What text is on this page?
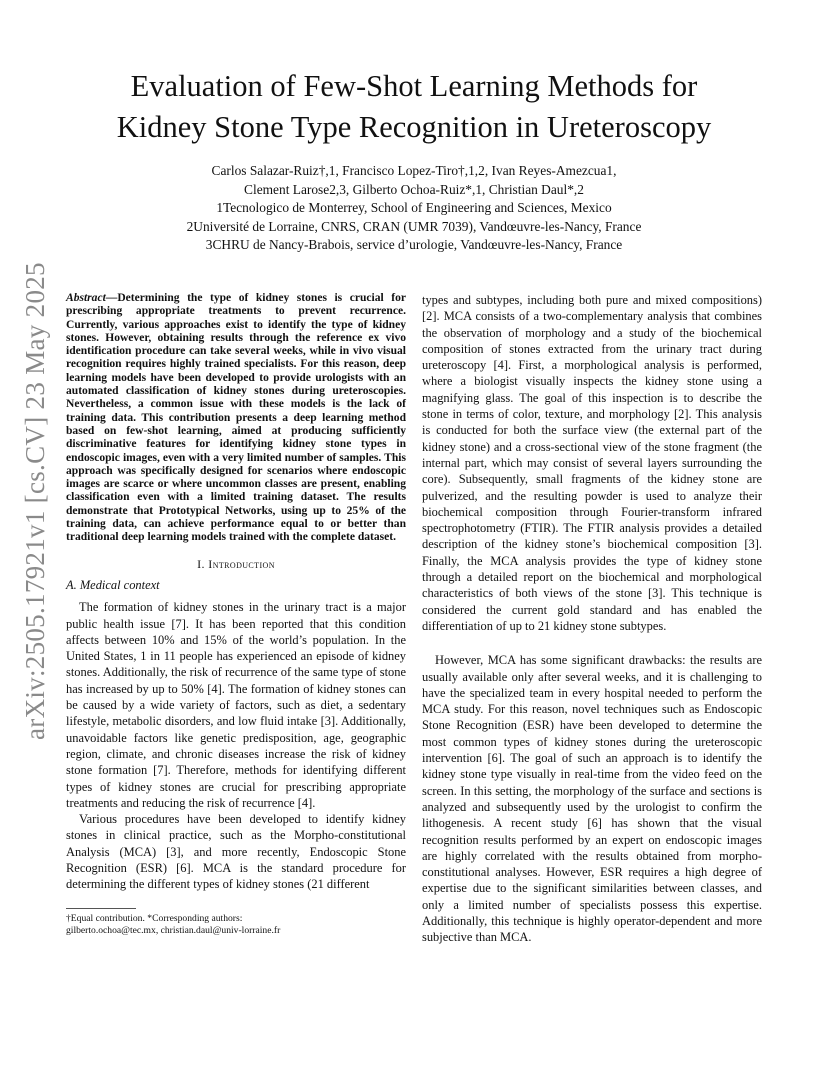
arXiv:2505.17921v1 [cs.CV] 23 May 2025
Evaluation of Few-Shot Learning Methods for
Kidney Stone Type Recognition in Ureteroscopy
Carlos Salazar-Ruiz†,1, Francisco Lopez-Tiro†,1,2, Ivan Reyes-Amezcua1,
Clement Larose2,3, Gilberto Ochoa-Ruiz*,1, Christian Daul*,2
1Tecnologico de Monterrey, School of Engineering and Sciences, Mexico
2Université de Lorraine, CNRS, CRAN (UMR 7039), Vandœuvre-les-Nancy, France
3CHRU de Nancy-Brabois, service d’urologie, Vandœuvre-les-Nancy, France

Abstract—Determining the type of kidney stones is crucial for prescribing appropriate treatments to prevent recurrence. Currently, various approaches exist to identify the type of kidney stones. However, obtaining results through the reference ex vivo identification procedure can take several weeks, while in vivo visual recognition requires highly trained specialists. For this reason, deep learning models have been developed to provide urologists with an automated classification of kidney stones during ureteroscopies. Nevertheless, a common issue with these models is the lack of training data. This contribution presents a deep learning method based on few-shot learning, aimed at producing sufficiently discriminative features for identifying kidney stone types in endoscopic images, even with a very limited number of samples. This approach was specifically designed for scenarios where endoscopic images are scarce or where uncommon classes are present, enabling classification even with a limited training dataset. The results demonstrate that Prototypical Networks, using up to 25% of the training data, can achieve performance equal to or better than traditional deep learning models trained with the complete dataset.

I. Introduction
A. Medical context

The formation of kidney stones in the urinary tract is a major public health issue [7]. It has been reported that this condition affects between 10% and 15% of the world’s population. In the United States, 1 in 11 people has experienced an episode of kidney stones. Additionally, the risk of recurrence of the same type of stone has increased by up to 50% [4]. The formation of kidney stones can be caused by a wide variety of factors, such as diet, a sedentary lifestyle, metabolic disorders, and low fluid intake [3]. Additionally, unavoidable factors like genetic predisposition, age, geographic region, climate, and chronic diseases increase the risk of kidney stone formation [7]. Therefore, methods for identifying different types of kidney stones are crucial for prescribing appropriate treatments and reducing the risk of recurrence [4].

Various procedures have been developed to identify kidney stones in clinical practice, such as the Morpho-constitutional Analysis (MCA) [3], and more recently, Endoscopic Stone Recognition (ESR) [6]. MCA is the standard procedure for determining the different types of kidney stones (21 different

†Equal contribution. *Corresponding authors:
gilberto.ochoa@tec.mx, christian.daul@univ-lorraine.fr

types and subtypes, including both pure and mixed compositions) [2]. MCA consists of a two-complementary analysis that combines the observation of morphology and a study of the biochemical composition of stones extracted from the urinary tract during ureteroscopy [4]. First, a morphological analysis is performed, where a biologist visually inspects the kidney stone using a magnifying glass. The goal of this inspection is to describe the stone in terms of color, texture, and morphology [2]. This analysis is conducted for both the surface view (the external part of the kidney stone) and a cross-sectional view of the stone fragment (the internal part, which may consist of several layers surrounding the core). Subsequently, small fragments of the kidney stone are pulverized, and the resulting powder is used to analyze their biochemical composition through Fourier-transform infrared spectrophotometry (FTIR). The FTIR analysis provides a detailed description of the kidney stone’s biochemical composition [3]. Finally, the MCA analysis provides the type of kidney stone through a detailed report on the biochemical and morphological characteristics of both views of the stone [3]. This technique is considered the current gold standard and has enabled the differentiation of up to 21 kidney stone subtypes.

However, MCA has some significant drawbacks: the results are usually available only after several weeks, and it is challenging to have the specialized team in every hospital needed to perform the MCA study. For this reason, novel techniques such as Endoscopic Stone Recognition (ESR) have been developed to determine the most common types of kidney stones during the ureteroscopic intervention [6]. The goal of such an approach is to identify the kidney stone type visually in real-time from the video feed on the screen. In this setting, the morphology of the surface and sections is analyzed and subsequently used by the urologist to confirm the lithogenesis. A recent study [6] has shown that the visual recognition results performed by an expert on endoscopic images are highly correlated with the results obtained from morpho-constitutional analyses. However, ESR requires a high degree of expertise due to the significant similarities between classes, and only a limited number of specialists possess this expertise. Additionally, this technique is highly operator-dependent and more subjective than MCA.
